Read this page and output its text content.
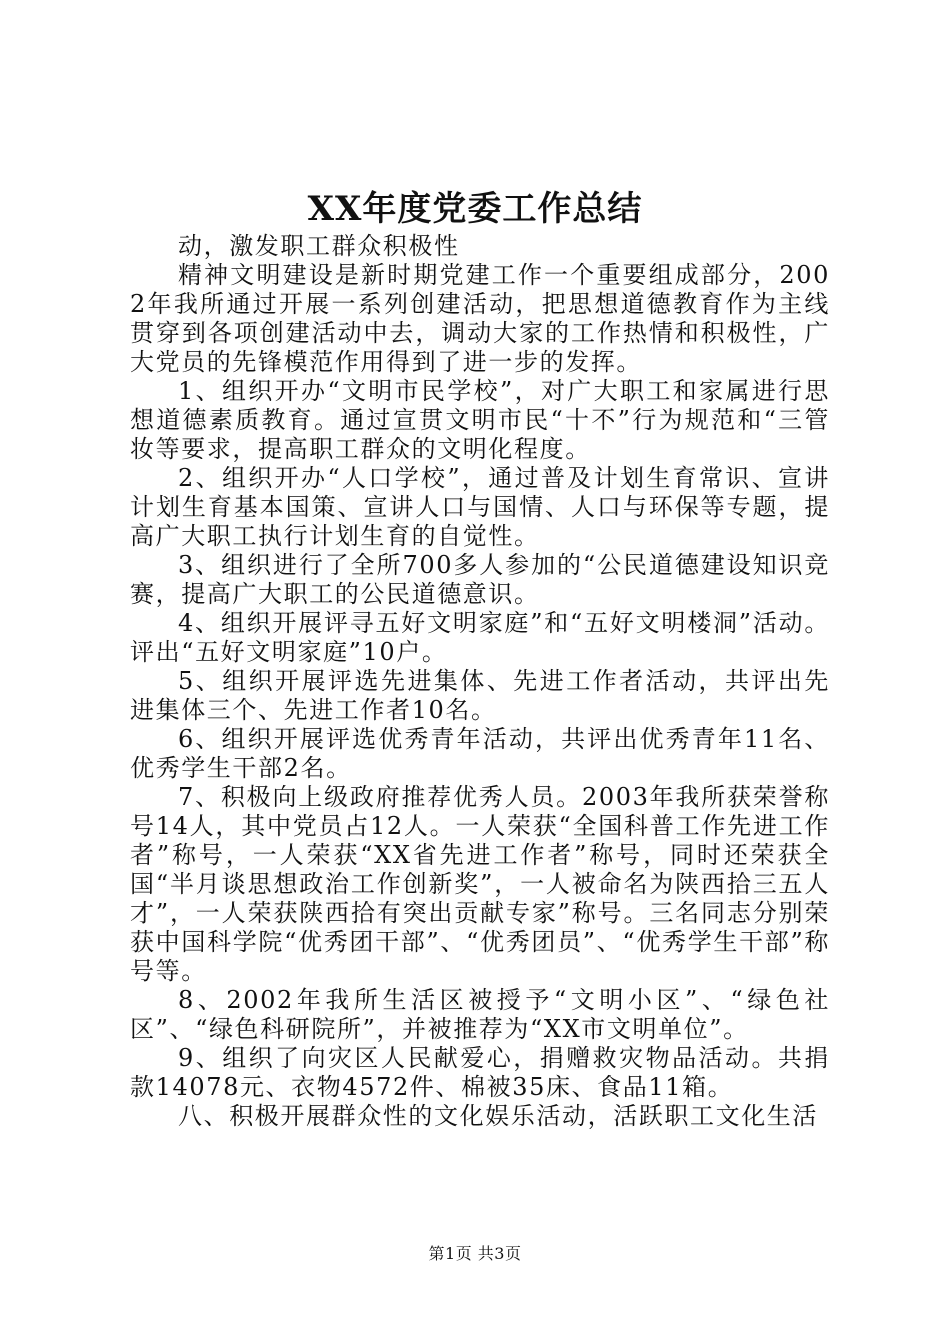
XX年度党委工作总结

动，激发职工群众积极性

精神文明建设是新时期党建工作一个重要组成部分，2002年我所通过开展一系列创建活动，把思想道德教育作为主线贯穿到各项创建活动中去，调动大家的工作热情和积极性，广大党员的先锋模范作用得到了进一步的发挥。

1、组织开办“文明市民学校”，对广大职工和家属进行思想道德素质教育。通过宣贯文明市民“十不”行为规范和“三管妆等要求，提高职工群众的文明化程度。

2、组织开办“人口学校”，通过普及计划生育常识、宣讲计划生育基本国策、宣讲人口与国情、人口与环保等专题，提高广大职工执行计划生育的自觉性。

3、组织进行了全所700多人参加的“公民道德建设知识竞赛，提高广大职工的公民道德意识。

4、组织开展评寻五好文明家庭”和“五好文明楼洞”活动。评出“五好文明家庭”10户。

5、组织开展评选先进集体、先进工作者活动，共评出先进集体三个、先进工作者10名。

6、组织开展评选优秀青年活动，共评出优秀青年11名、优秀学生干部2名。

7、积极向上级政府推荐优秀人员。2003年我所获荣誉称号14人，其中党员占12人。一人荣获“全国科普工作先进工作者”称号，一人荣获“XX省先进工作者”称号，同时还荣获全国“半月谈思想政治工作创新奖”，一人被命名为陕西拾三五人才”，一人荣获陕西拾有突出贡献专家”称号。三名同志分别荣获中国科学院“优秀团干部”、“优秀团员”、“优秀学生干部”称号等。

8、2002年我所生活区被授予“文明小区”、“绿色社区”、“绿色科研院所”，并被推荐为“XX市文明单位”。

9、组织了向灾区人民献爱心，捐赠救灾物品活动。共捐款14078元、衣物4572件、棉被35床、食品11箱。

八、积极开展群众性的文化娱乐活动，活跃职工文化生活

第1页 共3页
